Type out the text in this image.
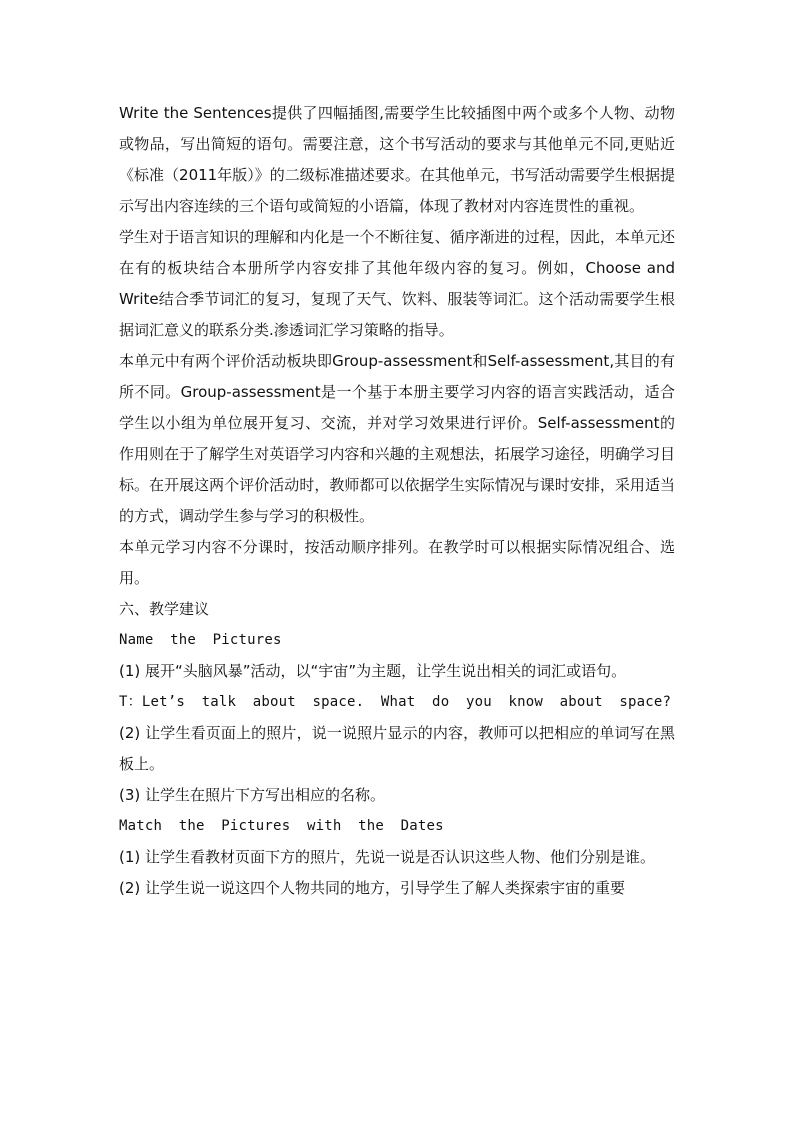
Write the Sentences提供了四幅插图,需要学生比较插图中两个或多个人物、动物或物品，写出简短的语句。需要注意，这个书写活动的要求与其他单元不同,更贴近《标准（2011年版）》的二级标准描述要求。在其他单元，书写活动需要学生根据提示写出内容连续的三个语句或简短的小语篇，体现了教材对内容连贯性的重视。

学生对于语言知识的理解和内化是一个不断往复、循序渐进的过程，因此，本单元还在有的板块结合本册所学内容安排了其他年级内容的复习。例如，Choose and Write结合季节词汇的复习，复现了天气、饮料、服装等词汇。这个活动需要学生根据词汇意义的联系分类.渗透词汇学习策略的指导。

本单元中有两个评价活动板块即Group-assessment和Self-assessment,其目的有所不同。Group-assessment是一个基于本册主要学习内容的语言实践活动，适合学生以小组为单位展开复习、交流，并对学习效果进行评价。Self-assessment的作用则在于了解学生对英语学习内容和兴趣的主观想法，拓展学习途径，明确学习目标。在开展这两个评价活动时，教师都可以依据学生实际情况与课时安排，采用适当的方式，调动学生参与学习的积极性。

本单元学习内容不分课时，按活动顺序排列。在教学时可以根据实际情况组合、选用。

六、教学建议

Name the Pictures

(1) 展开“头脑风暴”活动，以“宇宙”为主题，让学生说出相关的词汇或语句。

T：Let’s talk about space. What do you know about space?

(2) 让学生看页面上的照片，说一说照片显示的内容，教师可以把相应的单词写在黑板上。

(3) 让学生在照片下方写出相应的名称。

Match the Pictures with the Dates

(1) 让学生看教材页面下方的照片，先说一说是否认识这些人物、他们分别是谁。

(2) 让学生说一说这四个人物共同的地方，引导学生了解人类探索宇宙的重要
